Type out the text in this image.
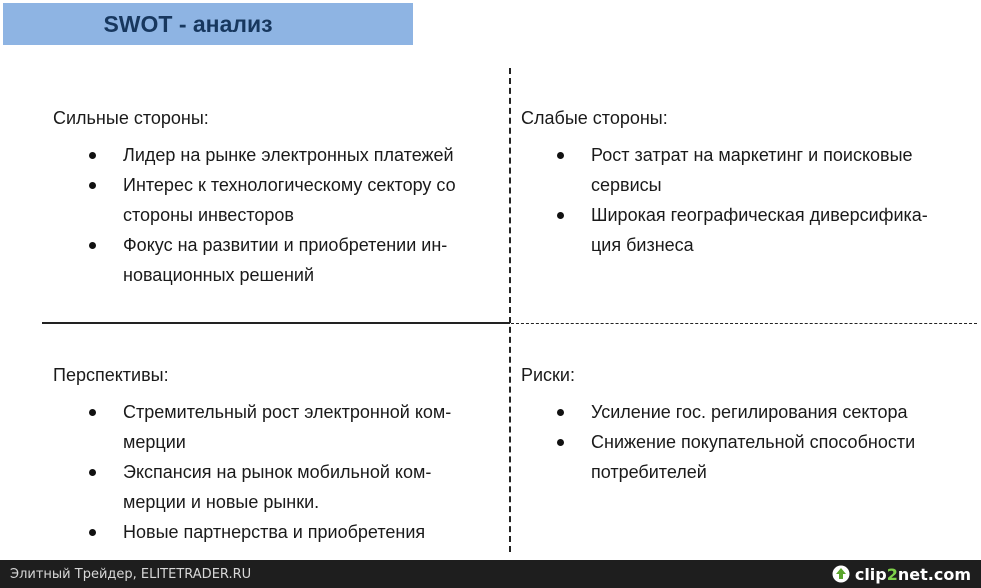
SWOT - анализ
Сильные стороны:
Лидер на рынке электронных платежей
Интерес к технологическому сектору со
стороны инвесторов
Фокус на развитии и приобретении ин-
новационных решений
Слабые стороны:
Рост затрат на маркетинг и поисковые
сервисы
Широкая географическая диверсифика-
ция бизнеса
Перспективы:
Стремительный рост электронной ком-
мерции
Экспансия на рынок мобильной ком-
мерции и новые рынки.
Новые партнерства и приобретения
Риски:
Усиление гос. регилирования сектора
Снижение покупательной способности
потребителей
Элитный Трейдер, ELITETRADER.RU	clip2net.com
